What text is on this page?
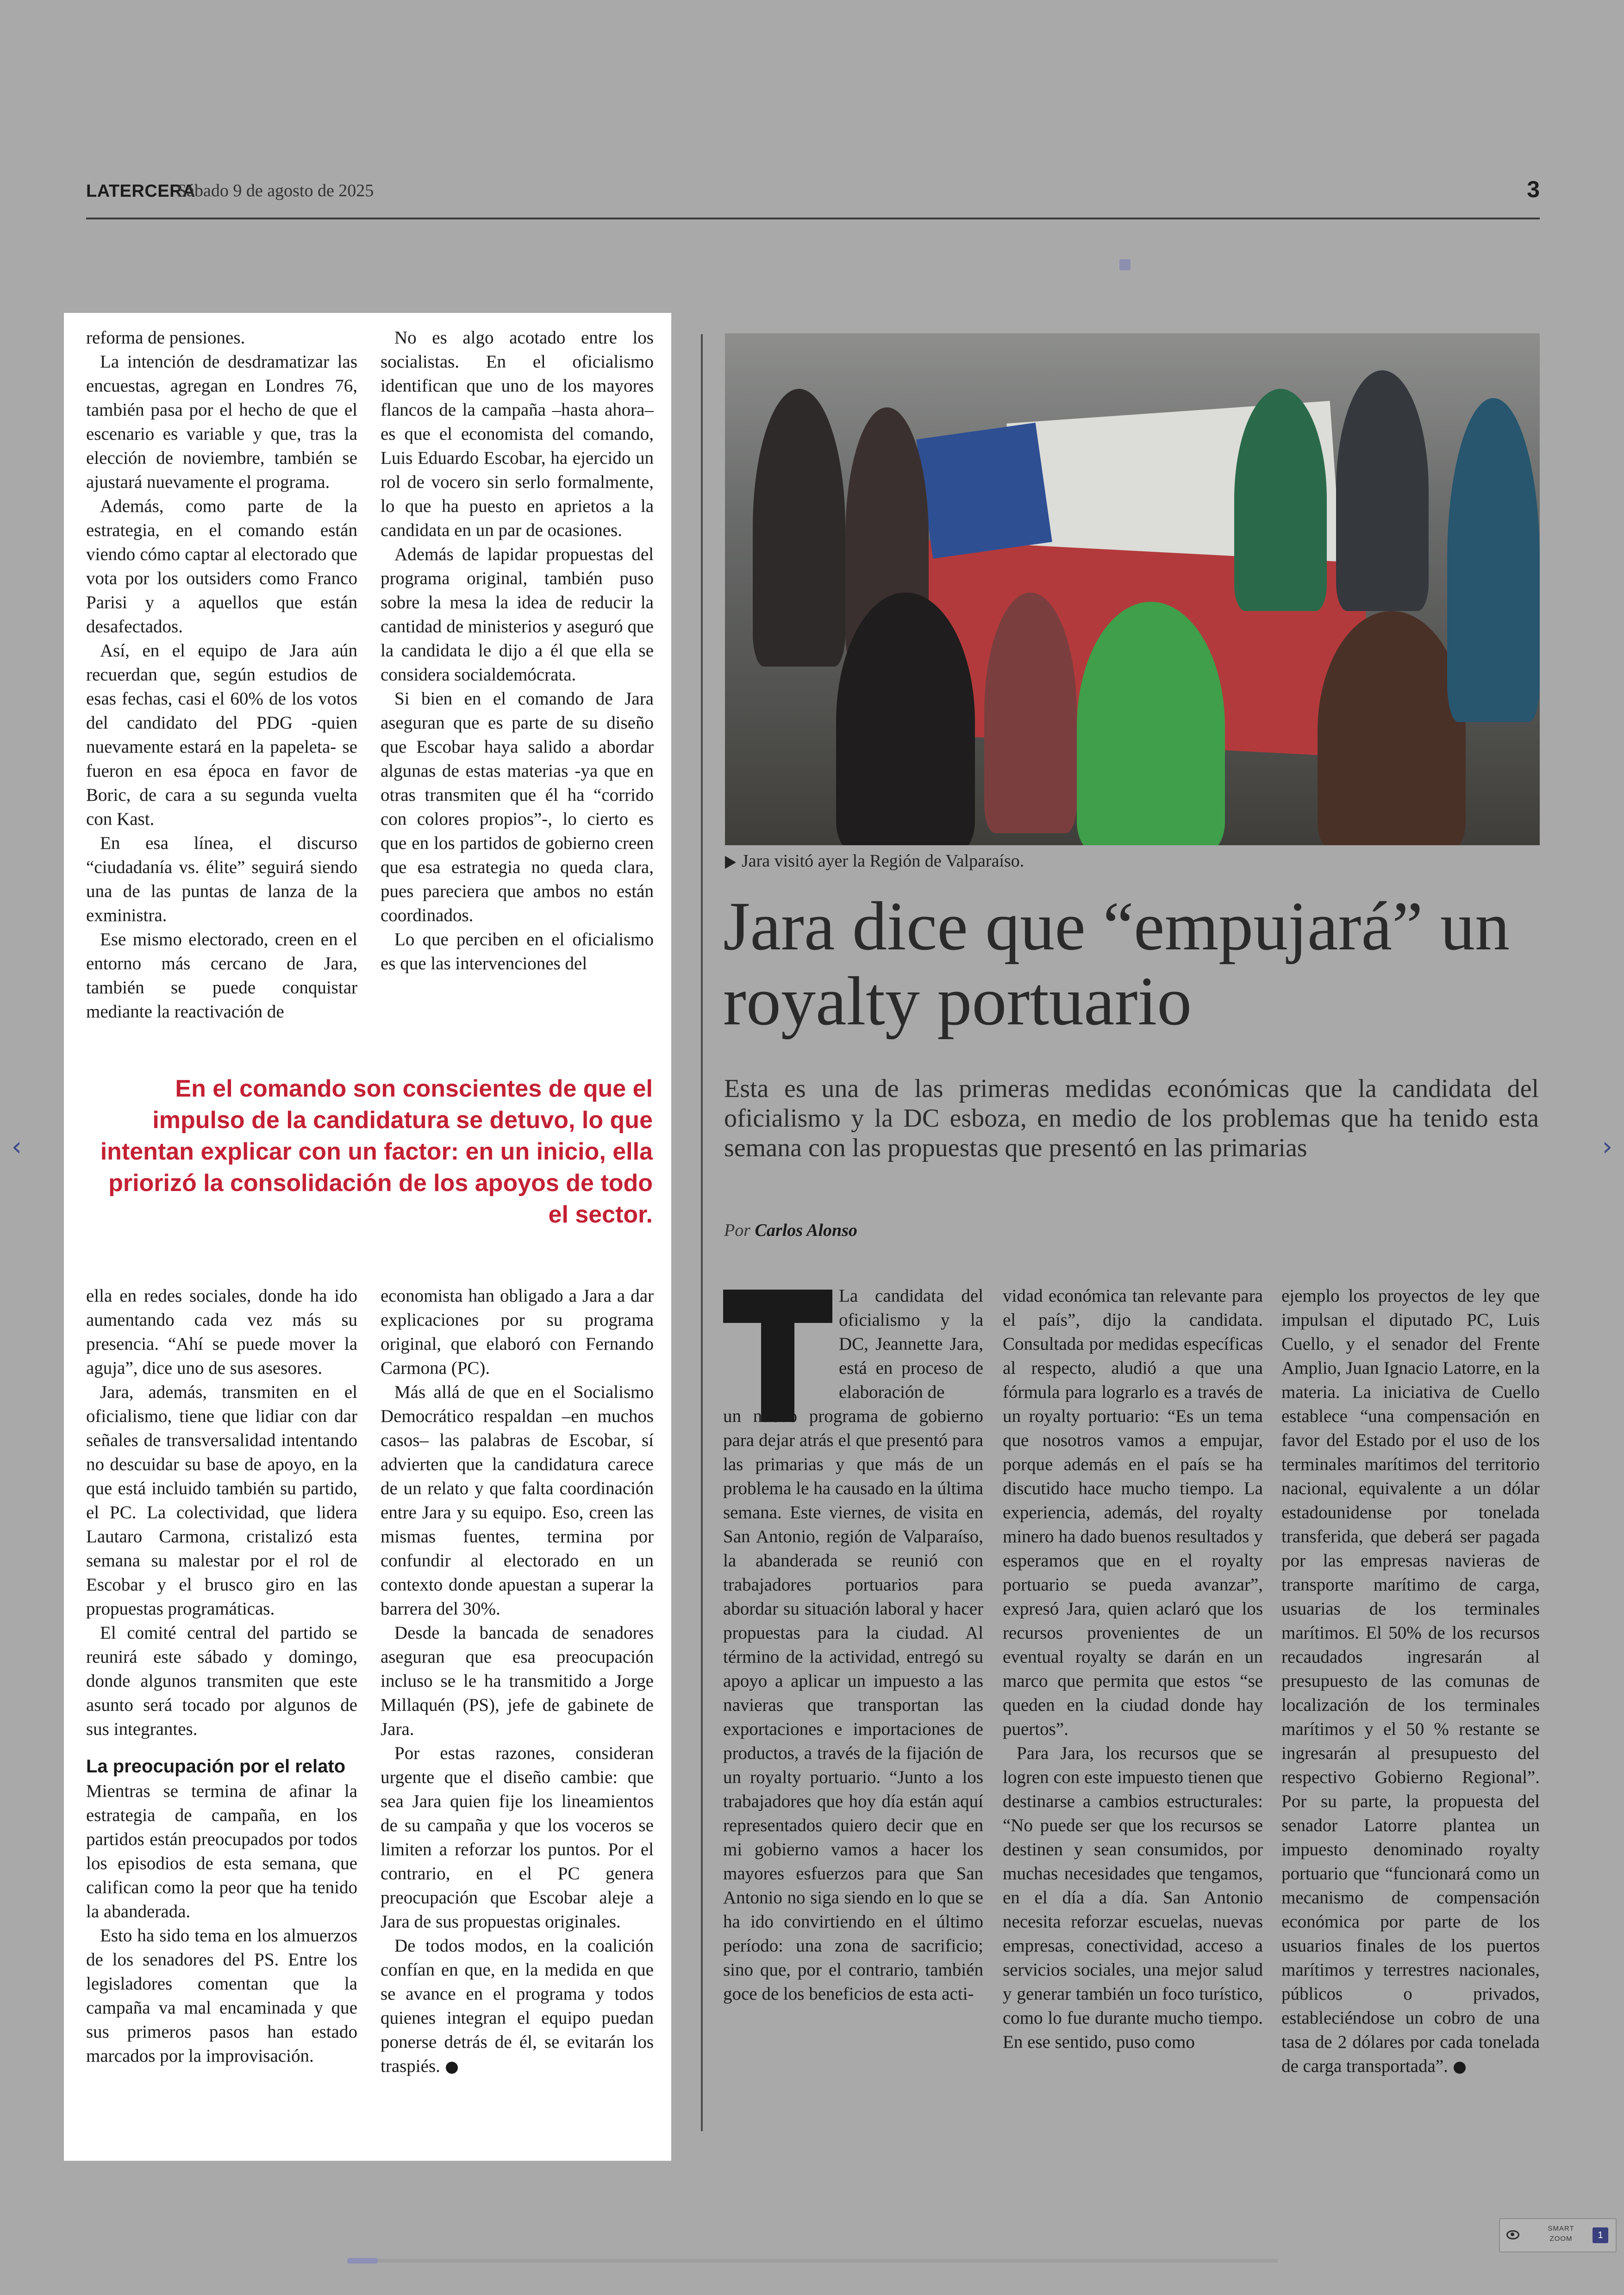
LATERCERA
Sábado 9 de agosto de 2025	3

reforma de pensiones.

La intención de desdramatizar las encuestas, agregan en Londres 76, también pasa por el hecho de que el escenario es variable y que, tras la elección de noviembre, también se ajustará nuevamente el programa.

Además, como parte de la estrategia, en el comando están viendo cómo captar al electorado que vota por los outsiders como Franco Parisi y a aquellos que están desafectados.

Así, en el equipo de Jara aún recuerdan que, según estudios de esas fechas, casi el 60% de los votos del candidato del PDG -quien nuevamente estará en la papeleta- se fueron en esa época en favor de Boric, de cara a su segunda vuelta con Kast.

En esa línea, el discurso “ciudadanía vs. élite” seguirá siendo una de las puntas de lanza de la exministra.

Ese mismo electorado, creen en el entorno más cercano de Jara, también se puede conquistar mediante la reactivación de

No es algo acotado entre los socialistas. En el oficialismo identifican que uno de los mayores flancos de la campaña –hasta ahora– es que el economista del comando, Luis Eduardo Escobar, ha ejercido un rol de vocero sin serlo formalmente, lo que ha puesto en aprietos a la candidata en un par de ocasiones.

Además de lapidar propuestas del programa original, también puso sobre la mesa la idea de reducir la cantidad de ministerios y aseguró que la candidata le dijo a él que ella se considera socialdemócrata.

Si bien en el comando de Jara aseguran que es parte de su diseño que Escobar haya salido a abordar algunas de estas materias -ya que en otras transmiten que él ha “corrido con colores propios”-, lo cierto es que en los partidos de gobierno creen que esa estrategia no queda clara, pues pareciera que ambos no están coordinados.

Lo que perciben en el oficialismo es que las intervenciones del

En el comando son conscientes de que el impulso de la candidatura se detuvo, lo que intentan explicar con un factor: en un inicio, ella priorizó la consolidación de los apoyos de todo el sector.

ella en redes sociales, donde ha ido aumentando cada vez más su presencia. “Ahí se puede mover la aguja”, dice uno de sus asesores.

Jara, además, transmiten en el oficialismo, tiene que lidiar con dar señales de transversalidad intentando no descuidar su base de apoyo, en la que está incluido también su partido, el PC. La colectividad, que lidera Lautaro Carmona, cristalizó esta semana su malestar por el rol de Escobar y el brusco giro en las propuestas programáticas.

El comité central del partido se reunirá este sábado y domingo, donde algunos transmiten que este asunto será tocado por algunos de sus integrantes.

La preocupación por el relato

Mientras se termina de afinar la estrategia de campaña, en los partidos están preocupados por todos los episodios de esta semana, que califican como la peor que ha tenido la abanderada.

Esto ha sido tema en los almuerzos de los senadores del PS. Entre los legisladores comentan que la campaña va mal encaminada y que sus primeros pasos han estado marcados por la improvisación.

economista han obligado a Jara a dar explicaciones por su programa original, que elaboró con Fernando Carmona (PC).

Más allá de que en el Socialismo Democrático respaldan –en muchos casos– las palabras de Escobar, sí advierten que la candidatura carece de un relato y que falta coordinación entre Jara y su equipo. Eso, creen las mismas fuentes, termina por confundir al electorado en un contexto donde apuestan a superar la barrera del 30%.

Desde la bancada de senadores aseguran que esa preocupación incluso se le ha transmitido a Jorge Millaquén (PS), jefe de gabinete de Jara.

Por estas razones, consideran urgente que el diseño cambie: que sea Jara quien fije los lineamientos de su campaña y que los voceros se limiten a reforzar los puntos. Por el contrario, en el PC genera preocupación que Escobar aleje a Jara de sus propuestas originales.

De todos modos, en la coalición confían en que, en la medida en que se avance en el programa y todos quienes integran el equipo puedan ponerse detrás de él, se evitarán los traspiés.

Jara visitó ayer la Región de Valparaíso.
Jara dice que “empujará” un royalty portuario
Esta es una de las primeras medidas económicas que la candidata del oficialismo y la DC esboza, en medio de los problemas que ha tenido esta semana con las propuestas que presentó en las primarias
Por Carlos Alonso

La candidata del oficialismo y la DC, Jeannette Jara, está en proceso de elaboración de

un nuevo programa de gobierno para dejar atrás el que presentó para las primarias y que más de un problema le ha causado en la última semana. Este viernes, de visita en San Antonio, región de Valparaíso, la abanderada se reunió con trabajadores portuarios para abordar su situación laboral y hacer propuestas para la ciudad. Al término de la actividad, entregó su apoyo a aplicar un impuesto a las navieras que transportan las exportaciones e importaciones de productos, a través de la fijación de un royalty portuario. “Junto a los trabajadores que hoy día están aquí representados quiero decir que en mi gobierno vamos a hacer los mayores esfuerzos para que San Antonio no siga siendo en lo que se ha ido convirtiendo en el último período: una zona de sacrificio; sino que, por el contrario, también goce de los beneficios de esta acti-

vidad económica tan relevante para el país”, dijo la candidata. Consultada por medidas específicas al respecto, aludió a que una fórmula para lograrlo es a través de un royalty portuario: “Es un tema que nosotros vamos a empujar, porque además en el país se ha discutido hace mucho tiempo. La experiencia, además, del royalty minero ha dado buenos resultados y esperamos que en el royalty portuario se pueda avanzar”, expresó Jara, quien aclaró que los recursos provenientes de un eventual royalty se darán en un marco que permita que estos “se queden en la ciudad donde hay puertos”.

Para Jara, los recursos que se logren con este impuesto tienen que destinarse a cambios estructurales: “No puede ser que los recursos se destinen y sean consumidos, por muchas necesidades que tengamos, en el día a día. San Antonio necesita reforzar escuelas, nuevas empresas, conectividad, acceso a servicios sociales, una mejor salud y generar también un foco turístico, como lo fue durante mucho tiempo. En ese sentido, puso como

ejemplo los proyectos de ley que impulsan el diputado PC, Luis Cuello, y el senador del Frente Amplio, Juan Ignacio Latorre, en la materia. La iniciativa de Cuello establece “una compensación en favor del Estado por el uso de los terminales marítimos del territorio nacional, equivalente a un dólar estadounidense por tonelada transferida, que deberá ser pagada por las empresas navieras de transporte marítimo de carga, usuarias de los terminales marítimos. El 50% de los recursos recaudados ingresarán al presupuesto de las comunas de localización de los terminales marítimos y el 50 % restante se ingresarán al presupuesto del respectivo Gobierno Regional”. Por su parte, la propuesta del senador Latorre plantea un impuesto denominado royalty portuario que “funcionará como un mecanismo de compensación económica por parte de los usuarios finales de los puertos marítimos y terrestres nacionales, públicos o privados, estableciéndose un cobro de una tasa de 2 dólares por cada tonelada de carga transportada”.

‹	›
SMART ZOOM	1
